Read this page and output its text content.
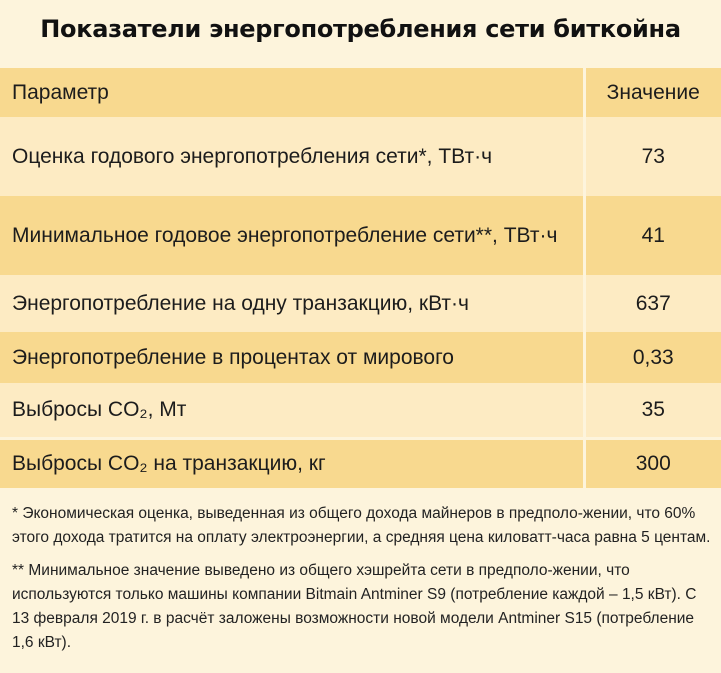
Показатели энергопотребления сети биткойна
Параметр	Значение
Оценка годового энергопотребления сети*, ТВт·ч	73
Минимальное годовое энергопотребление сети**, ТВт·ч	41
Энергопотребление на одну транзакцию, кВт·ч	637
Энергопотребление в процентах от мирового	0,33
Выбросы CO₂, Мт	35
Выбросы CO₂ на транзакцию, кг	300

* Экономическая оценка, выведенная из общего дохода майнеров в предполо-жении, что 60% этого дохода тратится на оплату электроэнергии, а средняя цена киловатт-часа равна 5 центам.

** Минимальное значение выведено из общего хэшрейта сети в предполо-жении, что используются только машины компании Bitmain Antminer S9 (потребление каждой – 1,5 кВт). С 13 февраля 2019 г. в расчёт заложены возможности новой модели Antminer S15 (потребление 1,6 кВт).
